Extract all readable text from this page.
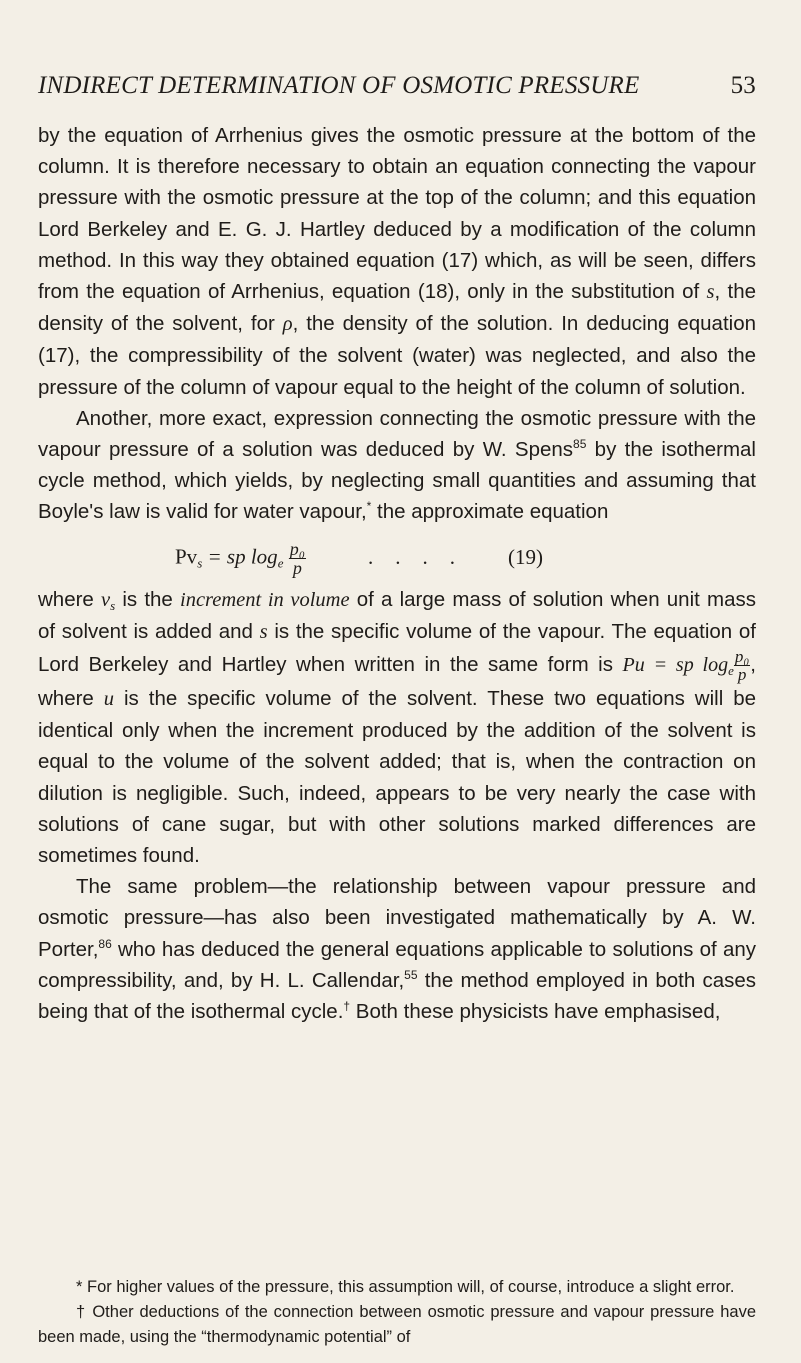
INDIRECT DETERMINATION OF OSMOTIC PRESSURE	53

by the equation of Arrhenius gives the osmotic pressure at the bottom of the column. It is therefore necessary to obtain an equation connecting the vapour pressure with the osmotic pressure at the top of the column; and this equation Lord Berkeley and E. G. J. Hartley deduced by a modification of the column method. In this way they obtained equation (17) which, as will be seen, differs from the equation of Arrhenius, equation (18), only in the substitution of s, the density of the solvent, for ρ, the density of the solution. In deducing equation (17), the compressibility of the solvent (water) was neglected, and also the pressure of the column of vapour equal to the height of the column of solution.

Another, more exact, expression connecting the osmotic pressure with the vapour pressure of a solution was deduced by W. Spens$^{85}$ by the isothermal cycle method, which yields, by neglecting small quantities and assuming that Boyle's law is valid for water vapour,* the approximate equation

$Pv_s$ = sp $\log_e \frac{\text{p₀}}{p}$	.... (19)

where $v_s$ is the increment in volume of a large mass of solution when unit mass of solvent is added and s is the specific volume of the vapour. The equation of Lord Berkeley and Hartley when written in the same form is Pu = sp $\log_e \frac{\text{p₀}}{p}$ , where u is the specific volume of the solvent. These two equations will be identical only when the increment produced by the addition of the solvent is equal to the volume of the solvent added; that is, when the contraction on dilution is negligible. Such, indeed, appears to be very nearly the case with solutions of cane sugar, but with other solutions marked differences are sometimes found.

The same problem—the relationship between vapour pressure and osmotic pressure—has also been investigated mathematically by A. W. Porter,$^{86}$ who has deduced the general equations applicable to solutions of any compressibility, and, by H. L. Callendar,$^{55}$ the method employed in both cases being that of the isothermal cycle.† Both these physicists have emphasised,

* For higher values of the pressure, this assumption will, of course, introduce a slight error.

† Other deductions of the connection between osmotic pressure and vapour pressure have been made, using the “thermodynamic potential” of
